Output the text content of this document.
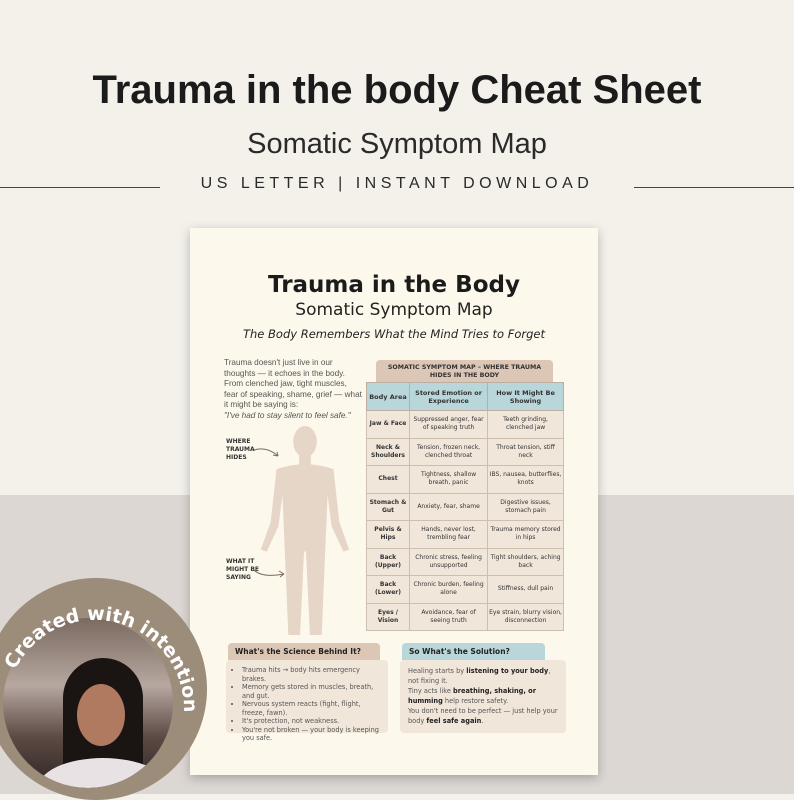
Trauma in the body Cheat Sheet
Somatic Symptom Map
US LETTER | INSTANT DOWNLOAD
Trauma in the Body
Somatic Symptom Map
The Body Remembers What the Mind Tries to Forget
Trauma doesn't just live in our thoughts — it echoes in the body. From clenched jaw, tight muscles, fear of speaking, shame, grief — what it might be saying is:
"I've had to stay silent to feel safe."
WHERE TRAUMA HIDES
WHAT IT MIGHT BE SAYING
SOMATIC SYMPTOM MAP – WHERE TRAUMA HIDES IN THE BODY
Body Area	Stored Emotion or Experience	How It Might Be Showing
Jaw & Face	Suppressed anger, fear of speaking truth	Teeth grinding, clenched jaw
Neck & Shoulders	Tension, frozen neck, clenched throat	Throat tension, stiff neck
Chest	Tightness, shallow breath, panic	IBS, nausea, butterflies, knots
Stomach & Gut	Anxiety, fear, shame	Digestive issues, stomach pain
Pelvis & Hips	Hands, never lost, trembling fear	Trauma memory stored in hips
Back (Upper)	Chronic stress, feeling unsupported	Tight shoulders, aching back
Back (Lower)	Chronic burden, feeling alone	Stiffness, dull pain
Eyes / Vision	Avoidance, fear of seeing truth	Eye strain, blurry vision, disconnection
What's the Science Behind It?
• Trauma hits → body hits emergency brakes.
• Memory gets stored in muscles, breath, and gut.
• Nervous system reacts (fight, flight, freeze, fawn).
• It's protection, not weakness.
• You're not broken — your body is keeping you safe.
So What's the Solution?
Healing starts by listening to your body, not fixing it.
Tiny acts like breathing, shaking, or humming help restore safety.
You don't need to be perfect — just help your body feel safe again.
Created with intention
